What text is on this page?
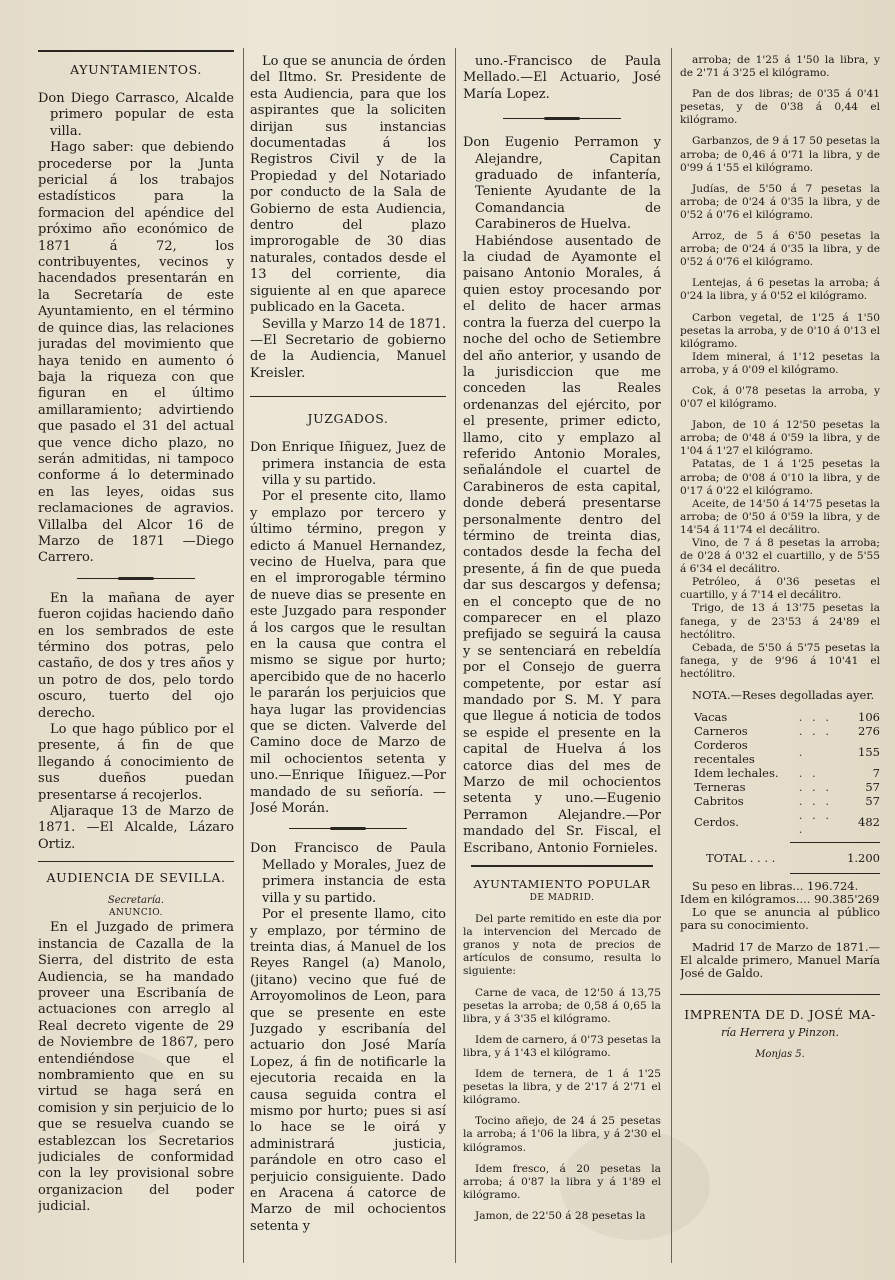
AYUNTAMIENTOS.

Don Diego Carrasco, Alcalde primero popular de esta villa.

Hago saber: que debiendo procederse por la Junta pericial á los trabajos estadísticos para la formacion del apéndice del próximo año económico de 1871 á 72, los contribuyentes, vecinos y hacendados presentarán en la Secretaría de este Ayuntamiento, en el término de quince dias, las relaciones juradas del movimiento que haya tenido en aumento ó baja la riqueza con que figuran en el último amillaramiento; advirtiendo que pasado el 31 del actual que vence dicho plazo, no serán admitidas, ni tampoco conforme á lo determinado en las leyes, oidas sus reclamaciones de agravios. Villalba del Alcor 16 de Marzo de 1871 —Diego Carrero.

En la mañana de ayer fueron cojidas haciendo daño en los sembrados de este término dos potras, pelo castaño, de dos y tres años y un potro de dos, pelo tordo oscuro, tuerto del ojo derecho.

Lo que hago público por el presente, á fin de que llegando á conocimiento de sus dueños puedan presentarse á recojerlos.

Aljaraque 13 de Marzo de 1871. —El Alcalde, Lázaro Ortiz.

AUDIENCIA DE SEVILLA.
Secretaría.
ANUNCIO.

En el Juzgado de primera instancia de Cazalla de la Sierra, del distrito de esta Audiencia, se ha mandado proveer una Escribanía de actuaciones con arreglo al Real decreto vigente de 29 de Noviembre de 1867, pero entendiéndose que el nombramiento que en su virtud se haga será en comision y sin perjuicio de lo que se resuelva cuando se establezcan los Secretarios judiciales de conformidad con la ley provisional sobre organizacion del poder judicial.

Lo que se anuncia de órden del Iltmo. Sr. Presidente de esta Audiencia, para que los aspirantes que la soliciten dirijan sus instancias documentadas á los Registros Civil y de la Propiedad y del Notariado por conducto de la Sala de Gobierno de esta Audiencia, dentro del plazo improrogable de 30 dias naturales, contados desde el 13 del corriente, dia siguiente al en que aparece publicado en la Gaceta.

Sevilla y Marzo 14 de 1871. —El Secretario de gobierno de la Audiencia, Manuel Kreisler.

JUZGADOS.

Don Enrique Iñiguez, Juez de primera instancia de esta villa y su partido.

Por el presente cito, llamo y emplazo por tercero y último término, pregon y edicto á Manuel Hernandez, vecino de Huelva, para que en el improrogable término de nueve dias se presente en este Juzgado para responder á los cargos que le resultan en la causa que contra el mismo se sigue por hurto; apercibido que de no hacerlo le pararán los perjuicios que haya lugar las providencias que se dicten. Valverde del Camino doce de Marzo de mil ochocientos setenta y uno.—Enrique Iñiguez.—Por mandado de su señoría. —José Morán.

Don Francisco de Paula Mellado y Morales, Juez de primera instancia de esta villa y su partido.

Por el presente llamo, cito y emplazo, por término de treinta dias, á Manuel de los Reyes Rangel (a) Manolo, (jitano) vecino que fué de Arroyomolinos de Leon, para que se presente en este Juzgado y escribanía del actuario don José María Lopez, á fin de notificarle la ejecutoria recaida en la causa seguida contra el mismo por hurto; pues si así lo hace se le oirá y administrará justicia, parándole en otro caso el perjuicio consiguiente. Dado en Aracena á catorce de Marzo de mil ochocientos setenta y

uno.-Francisco de Paula Mellado.—El Actuario, José María Lopez.

Don Eugenio Perramon y Alejandre, Capitan graduado de infantería, Teniente Ayudante de la Comandancia de Carabineros de Huelva.

Habiéndose ausentado de la ciudad de Ayamonte el paisano Antonio Morales, á quien estoy procesando por el delito de hacer armas contra la fuerza del cuerpo la noche del ocho de Setiembre del año anterior, y usando de la jurisdiccion que me conceden las Reales ordenanzas del ejército, por el presente, primer edicto, llamo, cito y emplazo al referido Antonio Morales, señalándole el cuartel de Carabineros de esta capital, donde deberá presentarse personalmente dentro del término de treinta dias, contados desde la fecha del presente, á fin de que pueda dar sus descargos y defensa; en el concepto que de no comparecer en el plazo prefijado se seguirá la causa y se sentenciará en rebeldía por el Consejo de guerra competente, por estar así mandado por S. M. Y para que llegue á noticia de todos se espide el presente en la capital de Huelva á los catorce dias del mes de Marzo de mil ochocientos setenta y uno.—Eugenio Perramon Alejandre.—Por mandado del Sr. Fiscal, el Escribano, Antonio Fornieles.

AYUNTAMIENTO POPULAR
DE MADRID.

Del parte remitido en este dia por la intervencion del Mercado de granos y nota de precios de artículos de consumo, resulta lo siguiente:

Carne de vaca, de 12'50 á 13,75 pesetas la arroba; de 0,58 á 0,65 la libra, y á 3'35 el kilógramo.

Idem de carnero, á 0'73 pesetas la libra, y á 1'43 el kilógramo.

Idem de ternera, de 1 á 1'25 pesetas la libra, y de 2'17 á 2'71 el kilógramo.

Tocino añejo, de 24 á 25 pesetas la arroba; á 1'06 la libra, y á 2'30 el kilógramos.

Idem fresco, á 20 pesetas la arroba; á 0'87 la libra y á 1'89 el kilógramo.

Jamon, de 22'50 á 28 pesetas la

arroba; de 1'25 á 1'50 la libra, y de 2'71 á 3'25 el kilógramo.

Pan de dos libras; de 0'35 á 0'41 pesetas, y de 0'38 á 0,44 el kilógramo.

Garbanzos, de 9 á 17 50 pesetas la arroba; de 0,46 á 0'71 la libra, y de 0'99 á 1'55 el kilógramo.

Judías, de 5'50 á 7 pesetas la arroba; de 0'24 á 0'35 la libra, y de 0'52 á 0'76 el kilógramo.

Arroz, de 5 á 6'50 pesetas la arroba; de 0'24 á 0'35 la libra, y de 0'52 á 0'76 el kilógramo.

Lentejas, á 6 pesetas la arroba; á 0'24 la libra, y á 0'52 el kilógramo.

Carbon vegetal, de 1'25 á 1'50 pesetas la arroba, y de 0'10 á 0'13 el kilógramo.

Idem mineral, á 1'12 pesetas la arroba, y á 0'09 el kilógramo.

Cok, á 0'78 pesetas la arroba, y 0'07 el kilógramo.

Jabon, de 10 á 12'50 pesetas la arroba; de 0'48 á 0'59 la libra, y de 1'04 á 1'27 el kilógramo.

Patatas, de 1 á 1'25 pesetas la arroba; de 0'08 á 0'10 la libra, y de 0'17 á 0'22 el kilógramo.

Aceite, de 14'50 á 14'75 pesetas la arroba; de 0'50 á 0'59 la libra, y de 14'54 á 11'74 el decálitro.

Vino, de 7 á 8 pesetas la arroba; de 0'28 á 0'32 el cuartillo, y de 5'55 á 6'34 el decálitro.

Petróleo, á 0'36 pesetas el cuartillo, y á 7'14 el decálitro.

Trigo, de 13 á 13'75 pesetas la fanega, y de 23'53 á 24'89 el hectólitro.

Cebada, de 5'50 á 5'75 pesetas la fanega, y de 9'96 á 10'41 el hectólitro.

NOTA.—Reses degolladas ayer.

Vacas	. . .	106
Carneros	. . .	276
Corderos recentales	.	155
Idem lechales.	. .	7
Terneras	. . .	57
Cabritos	. . .	57
Cerdos.	. . . .	482
TOTAL . . . .	1.200

Su peso en libras... 196.724.

Idem en kilógramos.... 90.385'269

Lo que se anuncia al público para su conocimiento.

Madrid 17 de Marzo de 1871.— El alcalde primero, Manuel María José de Galdo.

IMPRENTA DE D. JOSÉ MA-
ría Herrera y Pinzon.
Monjas 5.
